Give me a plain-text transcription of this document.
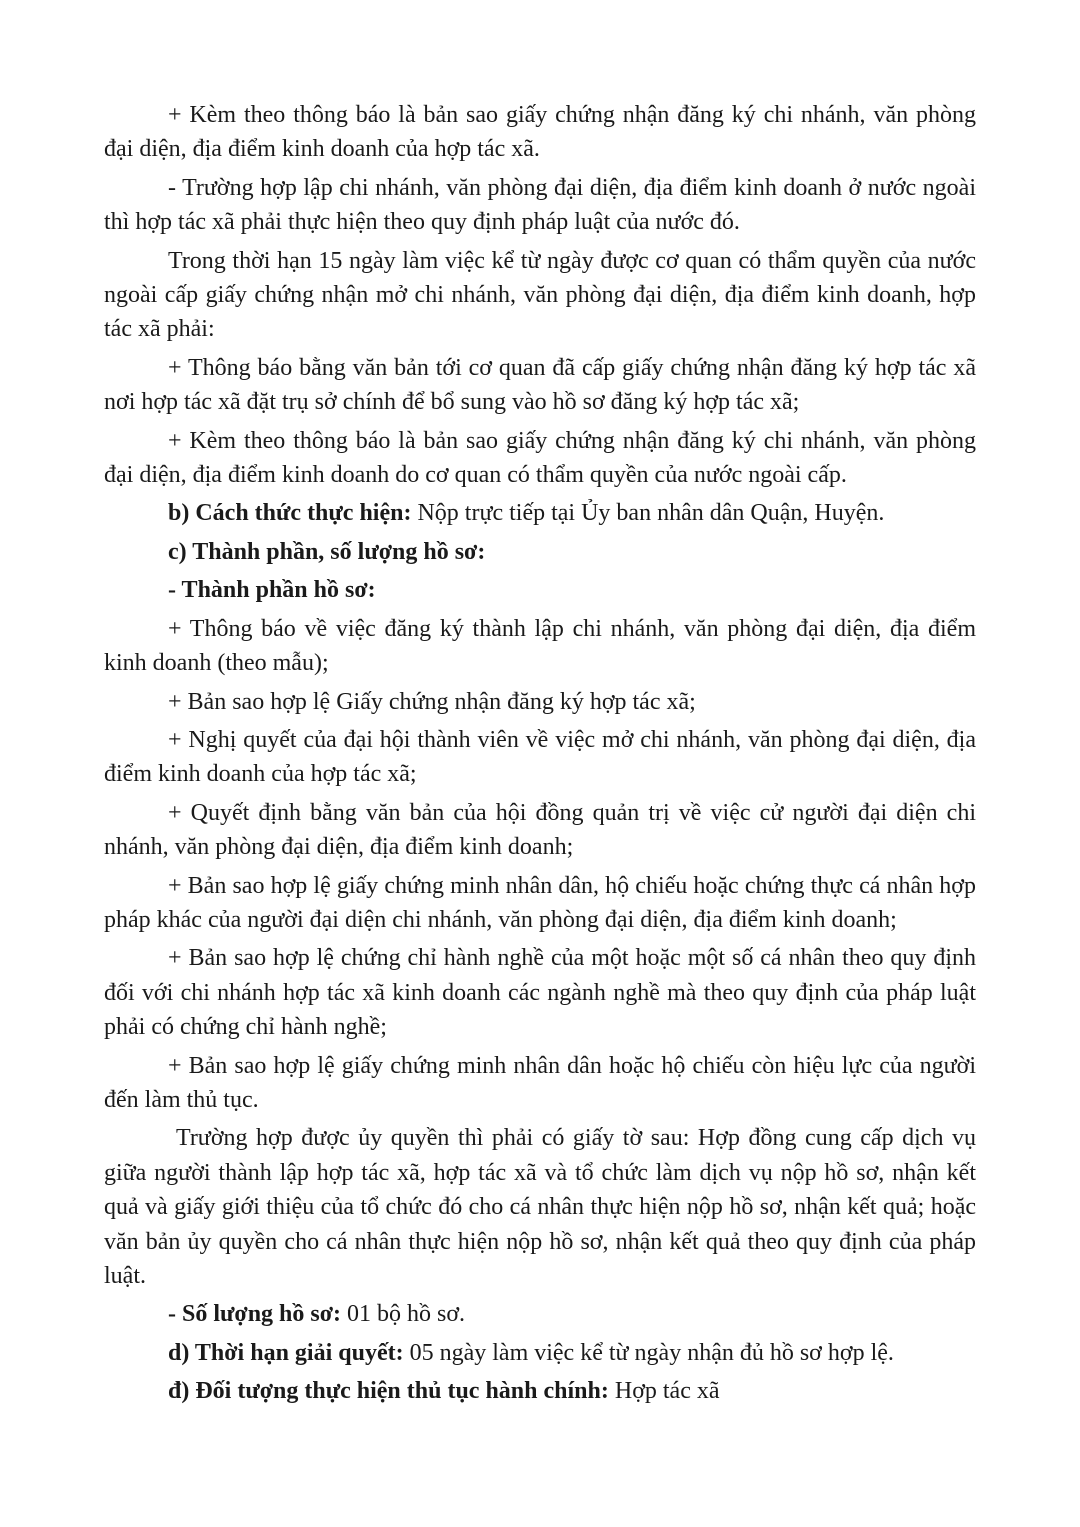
+ Kèm theo thông báo là bản sao giấy chứng nhận đăng ký chi nhánh, văn phòng đại diện, địa điểm kinh doanh của hợp tác xã.

- Trường hợp lập chi nhánh, văn phòng đại diện, địa điểm kinh doanh ở nước ngoài thì hợp tác xã phải thực hiện theo quy định pháp luật của nước đó.

Trong thời hạn 15 ngày làm việc kể từ ngày được cơ quan có thẩm quyền của nước ngoài cấp giấy chứng nhận mở chi nhánh, văn phòng đại diện, địa điểm kinh doanh, hợp tác xã phải:

+ Thông báo bằng văn bản tới cơ quan đã cấp giấy chứng nhận đăng ký hợp tác xã nơi hợp tác xã đặt trụ sở chính để bổ sung vào hồ sơ đăng ký hợp tác xã;

+ Kèm theo thông báo là bản sao giấy chứng nhận đăng ký chi nhánh, văn phòng đại diện, địa điểm kinh doanh do cơ quan có thẩm quyền của nước ngoài cấp.

b) Cách thức thực hiện: Nộp trực tiếp tại Ủy ban nhân dân Quận, Huyện.

c) Thành phần, số lượng hồ sơ:

- Thành phần hồ sơ:

+ Thông báo về việc đăng ký thành lập chi nhánh, văn phòng đại diện, địa điểm kinh doanh (theo mẫu);

+ Bản sao hợp lệ Giấy chứng nhận đăng ký hợp tác xã;

+ Nghị quyết của đại hội thành viên về việc mở chi nhánh, văn phòng đại diện, địa điểm kinh doanh của hợp tác xã;

+ Quyết định bằng văn bản của hội đồng quản trị về việc cử người đại diện chi nhánh, văn phòng đại diện, địa điểm kinh doanh;

+ Bản sao hợp lệ giấy chứng minh nhân dân, hộ chiếu hoặc chứng thực cá nhân hợp pháp khác của người đại diện chi nhánh, văn phòng đại diện, địa điểm kinh doanh;

+ Bản sao hợp lệ chứng chỉ hành nghề của một hoặc một số cá nhân theo quy định đối với chi nhánh hợp tác xã kinh doanh các ngành nghề mà theo quy định của pháp luật phải có chứng chỉ hành nghề;

+ Bản sao hợp lệ giấy chứng minh nhân dân hoặc hộ chiếu còn hiệu lực của người đến làm thủ tục.

Trường hợp được ủy quyền thì phải có giấy tờ sau: Hợp đồng cung cấp dịch vụ giữa người thành lập hợp tác xã, hợp tác xã và tổ chức làm dịch vụ nộp hồ sơ, nhận kết quả và giấy giới thiệu của tổ chức đó cho cá nhân thực hiện nộp hồ sơ, nhận kết quả; hoặc văn bản ủy quyền cho cá nhân thực hiện nộp hồ sơ, nhận kết quả theo quy định của pháp luật.

- Số lượng hồ sơ: 01 bộ hồ sơ.

d) Thời hạn giải quyết: 05 ngày làm việc kể từ ngày nhận đủ hồ sơ hợp lệ.

đ) Đối tượng thực hiện thủ tục hành chính: Hợp tác xã
